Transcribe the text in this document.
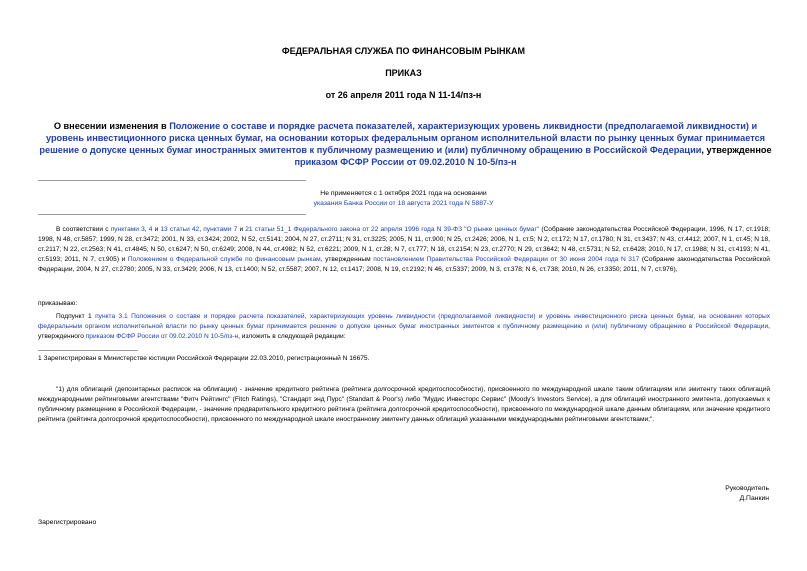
ФЕДЕРАЛЬНАЯ СЛУЖБА ПО ФИНАНСОВЫМ РЫНКАМ
ПРИКАЗ
от 26 апреля 2011 года N 11-14/пз-н
О внесении изменения в Положение о составе и порядке расчета показателей, характеризующих уровень ликвидности (предполагаемой ликвидности) и уровень инвестиционного риска ценных бумаг, на основании которых федеральным органом исполнительной власти по рынку ценных бумаг принимается решение о допуске ценных бумаг иностранных эмитентов к публичному размещению и (или) публичному обращению в Российской Федерации, утвержденное приказом ФСФР России от 09.02.2010 N 10-5/пз-н
Не применяется с 1 октября 2021 года на основании
указания Банка России от 18 августа 2021 года N 5887-У
В соответствии с пунктами 3, 4 и 13 статьи 42, пунктами 7 и 21 статьи 51_1 Федерального закона от 22 апреля 1996 года N 39-ФЗ "О рынке ценных бумаг" (Собрание законодательства Российской Федерации, 1996, N 17, ст.1918; 1998, N 48, ст.5857; 1999, N 28, ст.3472; 2001, N 33, ст.3424; 2002, N 52, ст.5141; 2004, N 27, ст.2711; N 31, ст.3225; 2005, N 11, ст.900; N 25, ст.2426; 2006, N 1, ст.5; N 2, ст.172; N 17, ст.1780; N 31, ст.3437; N 43, ст.4412; 2007, N 1, ст.45; N 18, ст.2117; N 22, ст.2563; N 41, ст.4845; N 50, ст.6247; N 50, ст.6249; 2008, N 44, ст.4982; N 52, ст.6221; 2009, N 1, ст.28; N 7, ст.777; N 18, ст.2154; N 23, ст.2770; N 29, ст.3642; N 48, ст.5731; N 52, ст.6428; 2010, N 17, ст.1988; N 31, ст.4193; N 41, ст.5193; 2011, N 7, ст.905) и Положением о Федеральной службе по финансовым рынкам, утвержденным постановлением Правительства Российской Федерации от 30 июня 2004 года N 317 (Собрание законодательства Российской Федерации, 2004, N 27, ст.2780; 2005, N 33, ст.3429; 2006, N 13, ст.1400; N 52, ст.5587; 2007, N 12, ст.1417; 2008, N 19, ст.2192; N 46, ст.5337; 2009, N 3, ст.378; N 6, ст.738; 2010, N 26, ст.3350; 2011, N 7, ст.976),
приказываю:
Подпункт 1 пункта 3.1 Положения о составе и порядке расчета показателей, характеризующих уровень ликвидности (предполагаемой ликвидности) и уровень инвестиционного риска ценных бумаг, на основании которых федеральным органом исполнительной власти по рынку ценных бумаг принимается решение о допуске ценных бумаг иностранных эмитентов к публичному размещению и (или) публичному обращению в Российской Федерации, утвержденного приказом ФСФР России от 09.02.2010 N 10-5/пз-н, изложить в следующей редакции:
1 Зарегистрирован в Министерстве юстиции Российской Федерации 22.03.2010, регистрационный N 16675.
"1) для облигаций (депозитарных расписок на облигации) - значение кредитного рейтинга (рейтинга долгосрочной кредитоспособности), присвоенного по международной шкале таким облигациям или эмитенту таких облигаций международными рейтинговыми агентствами "Фитч Рейтингс" (Fitch Ratings), "Стандарт энд Пурс" (Standart & Poor's) либо "Мудис Инвесторс Сервис" (Moody's Investors Service), а для облигаций иностранного эмитента, допускаемых к публичному размещению в Российской Федерации, - значение предварительного кредитного рейтинга (рейтинга долгосрочной кредитоспособности), присвоенного по международной шкале данным облигациям, или значение кредитного рейтинга (рейтинга долгосрочной кредитоспособности), присвоенного по международной шкале иностранному эмитенту данных облигаций указанными международными рейтинговыми агентствами;".
Руководитель
Д.Панкин
Зарегистрировано
